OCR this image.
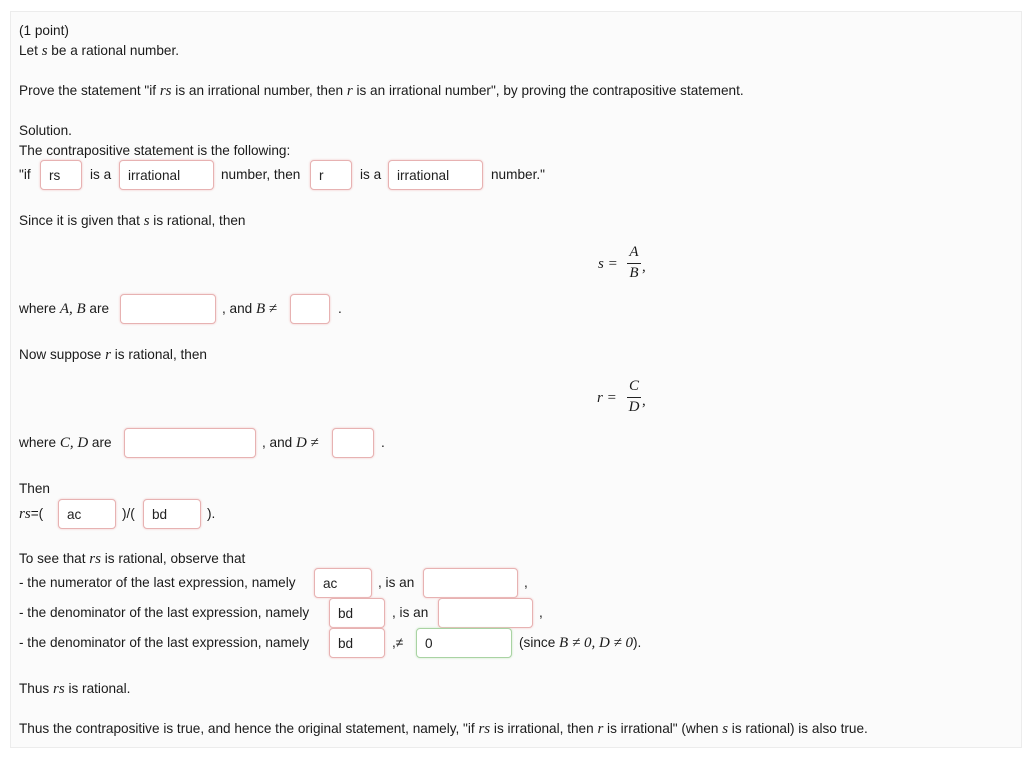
(1 point)
Let s be a rational number.
Prove the statement "if rs is an irrational number, then r is an irrational number", by proving the contrapositive statement.
Solution.
The contrapositive statement is the following:
"if
rs	is a
irrational	number, then
r	is a
irrational	number."
Since it is given that s is rational, then
s =
A
B ,
where A, B are	, and B ≠	.
Now suppose r is rational, then
r =
C
D ,
where C, D are	, and D ≠	.
Then
rs=(
ac	)/(
bd	).
To see that rs is rational, observe that
- the numerator of the last expression, namely
ac	, is an	,
- the denominator of the last expression, namely
bd	, is an	,
- the denominator of the last expression, namely
bd	,≠
0	(since B ≠ 0, D ≠ 0).
Thus rs is rational.
Thus the contrapositive is true, and hence the original statement, namely, "if rs is irrational, then r is irrational" (when s is rational) is also true.
